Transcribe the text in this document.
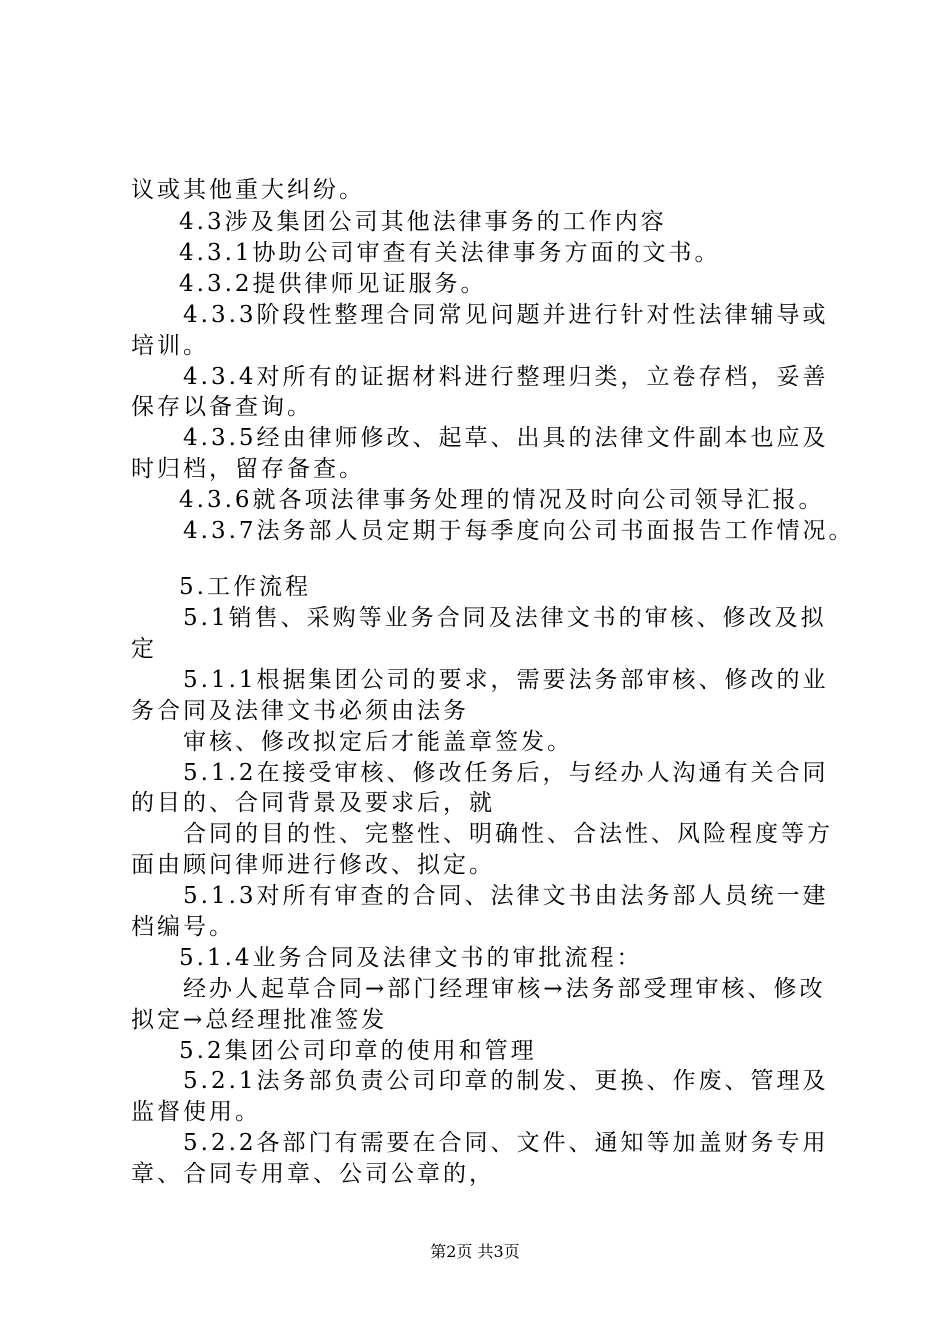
议或其他重大纠纷。
4.3涉及集团公司其他法律事务的工作内容
4.3.1协助公司审查有关法律事务方面的文书。
4.3.2提供律师见证服务。
4.3.3阶段性整理合同常见问题并进行针对性法律辅导或
培训。
4.3.4对所有的证据材料进行整理归类，立卷存档，妥善
保存以备查询。
4.3.5经由律师修改、起草、出具的法律文件副本也应及
时归档，留存备查。
4.3.6就各项法律事务处理的情况及时向公司领导汇报。
4.3.7法务部人员定期于每季度向公司书面报告工作情况。
5.工作流程
5.1销售、采购等业务合同及法律文书的审核、修改及拟
定
5.1.1根据集团公司的要求，需要法务部审核、修改的业
务合同及法律文书必须由法务
审核、修改拟定后才能盖章签发。
5.1.2在接受审核、修改任务后，与经办人沟通有关合同
的目的、合同背景及要求后，就
合同的目的性、完整性、明确性、合法性、风险程度等方
面由顾问律师进行修改、拟定。
5.1.3对所有审查的合同、法律文书由法务部人员统一建
档编号。
5.1.4业务合同及法律文书的审批流程：
经办人起草合同→部门经理审核→法务部受理审核、修改
拟定→总经理批准签发
5.2集团公司印章的使用和管理
5.2.1法务部负责公司印章的制发、更换、作废、管理及
监督使用。
5.2.2各部门有需要在合同、文件、通知等加盖财务专用
章、合同专用章、公司公章的，
第2页 共3页
